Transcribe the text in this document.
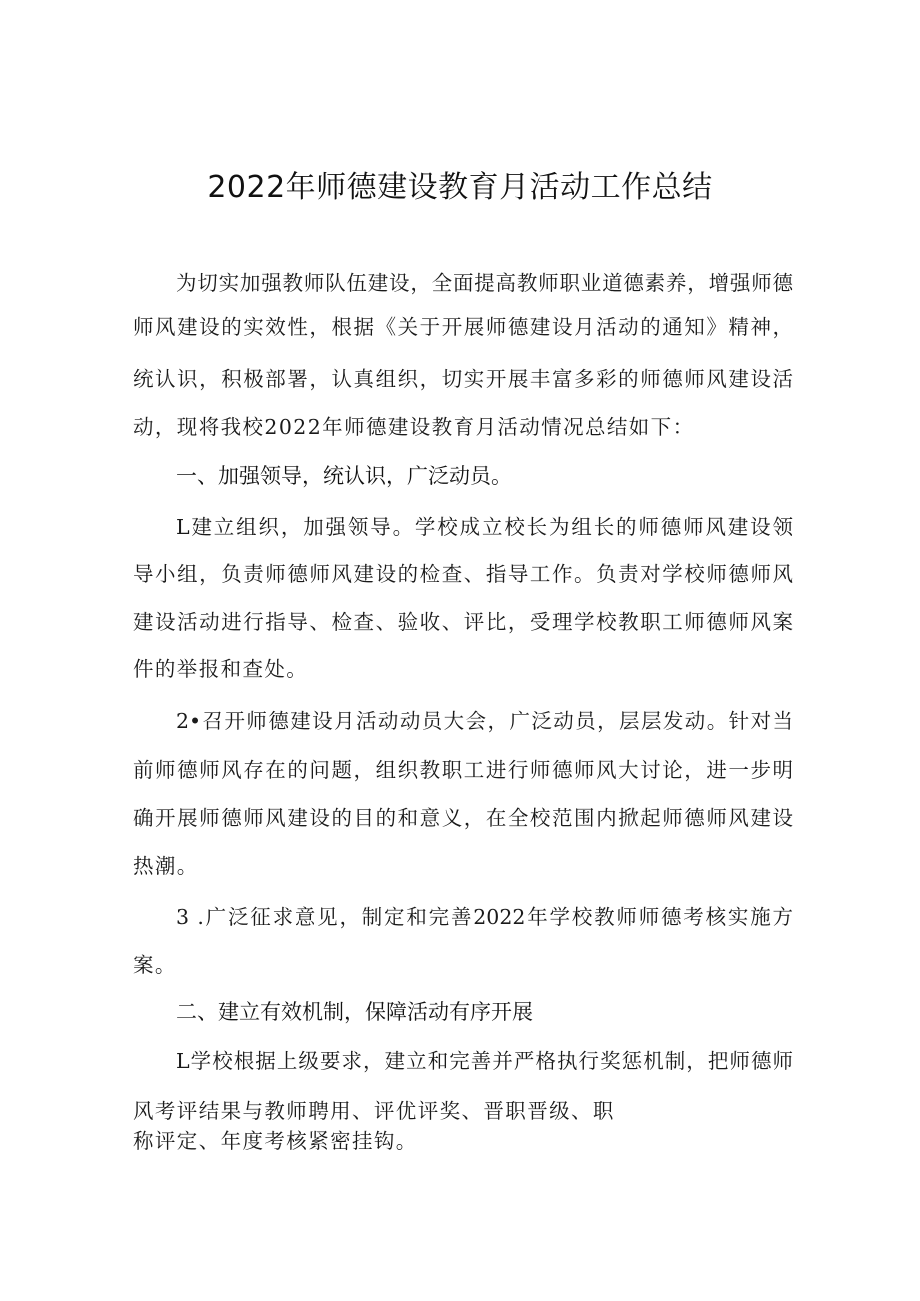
2022年师德建设教育月活动工作总结
为切实加强教师队伍建设，全面提高教师职业道德素养，增强师德
师风建设的实效性，根据《关于开展师德建设月活动的通知》精神，
统认识，积极部署，认真组织，切实开展丰富多彩的师德师风建设活
动，现将我校2022年师德建设教育月活动情况总结如下：
一、加强领导，统认识，广泛动员。
L建立组织，加强领导。学校成立校长为组长的师德师风建设领
导小组，负责师德师风建设的检查、指导工作。负责对学校师德师风
建设活动进行指导、检查、验收、评比，受理学校教职工师德师风案
件的举报和查处。
2•召开师德建设月活动动员大会，广泛动员，层层发动。针对当
前师德师风存在的问题，组织教职工进行师德师风大讨论，进一步明
确开展师德师风建设的目的和意义，在全校范围内掀起师德师风建设
热潮。
3 .广泛征求意见，制定和完善2022年学校教师师德考核实施方
案。
二、建立有效机制，保障活动有序开展
L学校根据上级要求，建立和完善并严格执行奖惩机制，把师德师
风考评结果与教师聘用、评优评奖、晋职晋级、职
称评定、年度考核紧密挂钩。
